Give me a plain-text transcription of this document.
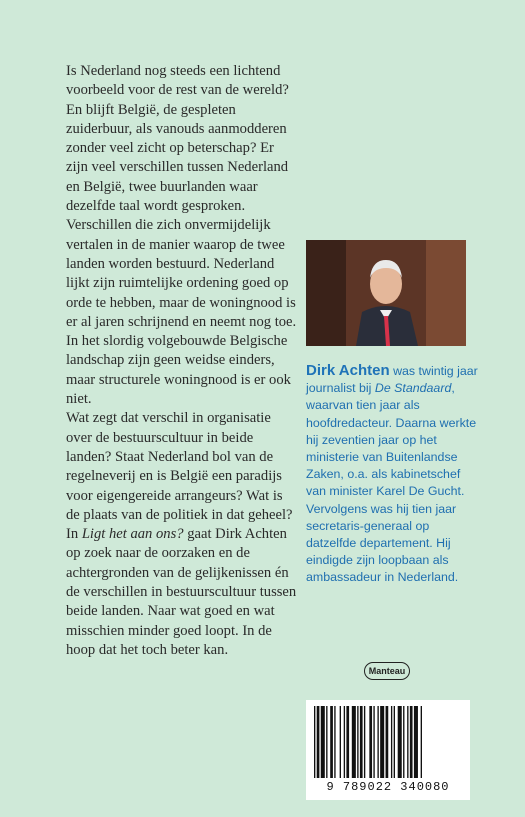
Is Nederland nog steeds een lichtend voorbeeld voor de rest van de wereld? En blijft België, de gespleten zuiderbuur, als vanouds aanmodderen zonder veel zicht op beterschap? Er zijn veel verschillen tussen Nederland en België, twee buurlanden waar dezelfde taal wordt gesproken. Verschillen die zich onvermijdelijk vertalen in de manier waarop de twee landen worden bestuurd. Nederland lijkt zijn ruimtelijke ordening goed op orde te hebben, maar de woningnood is er al jaren schrijnend en neemt nog toe. In het slordig volgebouwde Belgische landschap zijn geen weidse einders, maar structurele woningnood is er ook niet.

Wat zegt dat verschil in organisatie over de bestuurscultuur in beide landen? Staat Nederland bol van de regelneverij en is België een paradijs voor eigengereide arrangeurs? Wat is de plaats van de politiek in dat geheel?

In Ligt het aan ons? gaat Dirk Achten op zoek naar de oorzaken en de achtergronden van de gelijkenissen én de verschillen in bestuurscultuur tussen beide landen. Naar wat goed en wat misschien minder goed loopt. In de hoop dat het toch beter kan.

Dirk Achten was twintig jaar journalist bij De Standaard, waarvan tien jaar als hoofdredacteur. Daarna werkte hij zeventien jaar op het ministerie van Buitenlandse Zaken, o.a. als kabinetschef van minister Karel De Gucht. Vervolgens was hij tien jaar secretaris-generaal op datzelfde departement. Hij eindigde zijn loopbaan als ambassadeur in Nederland.
Manteau
9 789022 340080
